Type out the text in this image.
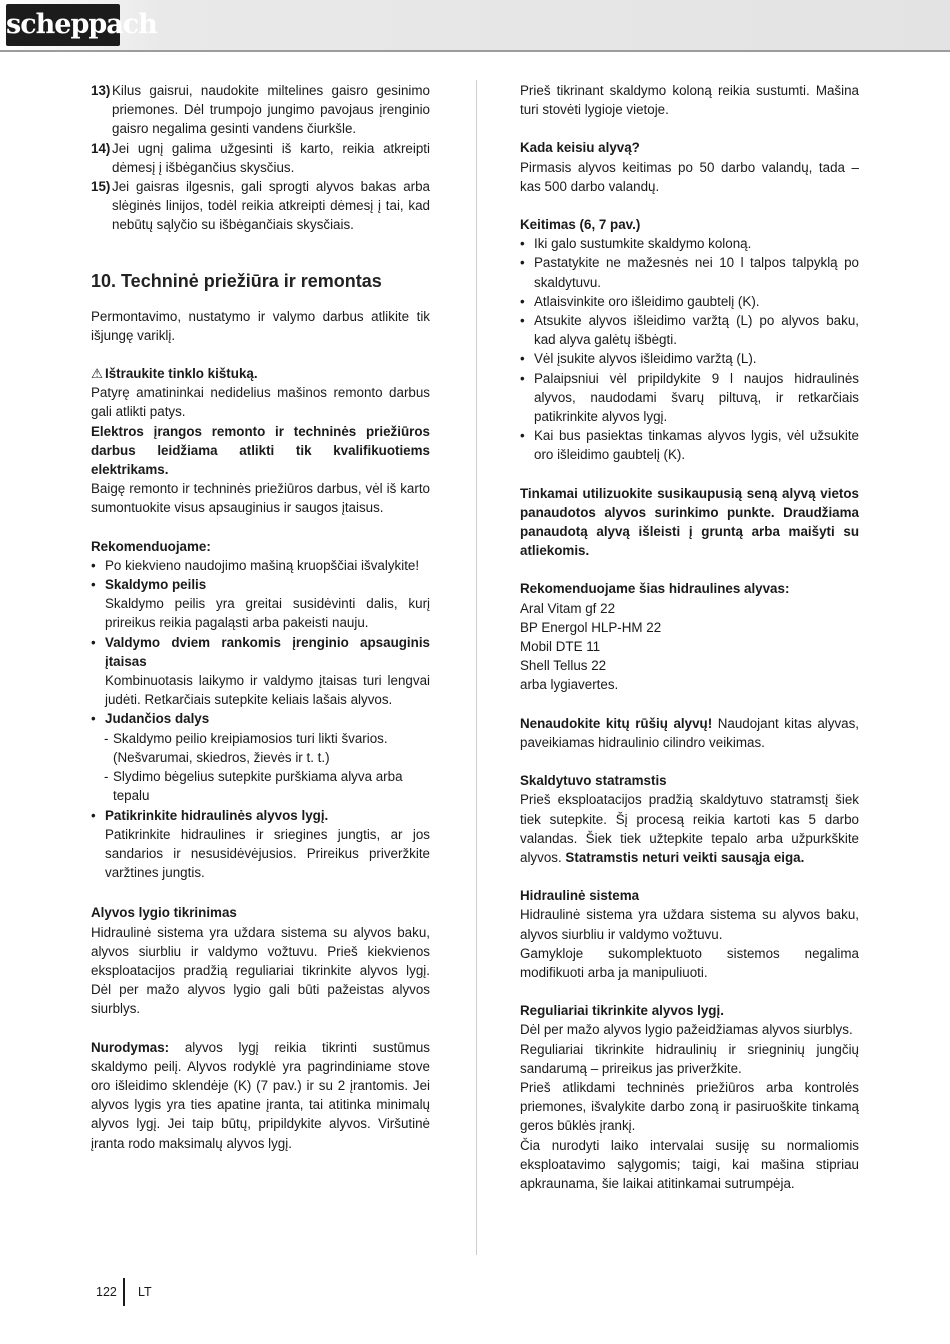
scheppach
13) Kilus gaisrui, naudokite miltelines gaisro gesinimo priemones. Dėl trumpojo jungimo pavojaus įrenginio gaisro negalima gesinti vandens čiurkšle.
14) Jei ugnį galima užgesinti iš karto, reikia atkreipti dėmesį į išbėgančius skysčius.
15) Jei gaisras ilgesnis, gali sprogti alyvos bakas arba slėginės linijos, todėl reikia atkreipti dėmesį į tai, kad nebūtų sąlyčio su išbėgančiais skysčiais.
10. Techninė priežiūra ir remontas

Permontavimo, nustatymo ir valymo darbus atlikite tik išjungę variklį.

⚠ Ištraukite tinklo kištuką.

Patyrę amatininkai nedidelius mašinos remonto darbus gali atlikti patys.

Elektros įrangos remonto ir techninės priežiūros darbus leidžiama atlikti tik kvalifikuotiems elektrikams.

Baigę remonto ir techninės priežiūros darbus, vėl iš karto sumontuokite visus apsauginius ir saugos įtaisus.

Rekomenduojame:

• Po kiekvieno naudojimo mašiną kruopščiai išvalykite!
• Skaldymo peilis
Skaldymo peilis yra greitai susidėvinti dalis, kurį prireikus reikia pagaląsti arba pakeisti nauju.
• Valdymo dviem rankomis įrenginio apsauginis įtaisas
Kombinuotasis laikymo ir valdymo įtaisas turi lengvai judėti. Retkarčiais sutepkite keliais lašais alyvos.
• Judančios dalys
- Skaldymo peilio kreipiamosios turi likti švarios. (Nešvarumai, skiedros, žievės ir t. t.)
- Slydimo bėgelius sutepkite purškiama alyva arba tepalu
• Patikrinkite hidraulinės alyvos lygį.
Patikrinkite hidraulines ir sriegines jungtis, ar jos sandarios ir nesusidėvėjusios. Prireikus priveržkite varžtines jungtis.

Alyvos lygio tikrinimas

Hidraulinė sistema yra uždara sistema su alyvos baku, alyvos siurbliu ir valdymo vožtuvu. Prieš kiekvienos eksploatacijos pradžią reguliariai tikrinkite alyvos lygį. Dėl per mažo alyvos lygio gali būti pažeistas alyvos siurblys.

Nurodymas: alyvos lygį reikia tikrinti sustūmus skaldymo peilį. Alyvos rodyklė yra pagrindiniame stove oro išleidimo sklendėje (K) (7 pav.) ir su 2 įrantomis. Jei alyvos lygis yra ties apatine įranta, tai atitinka minimalų alyvos lygį. Jei taip būtų, pripildykite alyvos. Viršutinė įranta rodo maksimalų alyvos lygį.

Prieš tikrinant skaldymo koloną reikia sustumti. Mašina turi stovėti lygioje vietoje.

Kada keisiu alyvą?

Pirmasis alyvos keitimas po 50 darbo valandų, tada – kas 500 darbo valandų.

Keitimas (6, 7 pav.)

• Iki galo sustumkite skaldymo koloną.
• Pastatykite ne mažesnės nei 10 l talpos talpyklą po skaldytuvu.
• Atlaisvinkite oro išleidimo gaubtelį (K).
• Atsukite alyvos išleidimo varžtą (L) po alyvos baku, kad alyva galėtų išbėgti.
• Vėl įsukite alyvos išleidimo varžtą (L).
• Palaipsniui vėl pripildykite 9 l naujos hidraulinės alyvos, naudodami švarų piltuvą, ir retkarčiais patikrinkite alyvos lygį.
• Kai bus pasiektas tinkamas alyvos lygis, vėl užsukite oro išleidimo gaubtelį (K).

Tinkamai utilizuokite susikaupusią seną alyvą vietos panaudotos alyvos surinkimo punkte. Draudžiama panaudotą alyvą išleisti į gruntą arba maišyti su atliekomis.

Rekomenduojame šias hidraulines alyvas:

Aral Vitam gf 22

BP Energol HLP-HM 22

Mobil DTE 11

Shell Tellus 22

arba lygiavertes.

Nenaudokite kitų rūšių alyvų! Naudojant kitas alyvas, paveikiamas hidraulinio cilindro veikimas.

Skaldytuvo statramstis

Prieš eksploatacijos pradžią skaldytuvo statramstį šiek tiek sutepkite. Šį procesą reikia kartoti kas 5 darbo valandas. Šiek tiek užtepkite tepalo arba užpurkškite alyvos. Statramstis neturi veikti sausąja eiga.

Hidraulinė sistema

Hidraulinė sistema yra uždara sistema su alyvos baku, alyvos siurbliu ir valdymo vožtuvu.

Gamykloje sukomplektuoto sistemos negalima modifikuoti arba ja manipuliuoti.

Reguliariai tikrinkite alyvos lygį.

Dėl per mažo alyvos lygio pažeidžiamas alyvos siurblys.

Reguliariai tikrinkite hidraulinių ir sriegninių jungčių sandarumą – prireikus jas priveržkite.

Prieš atlikdami techninės priežiūros arba kontrolės priemones, išvalykite darbo zoną ir pasiruoškite tinkamą geros būklės įrankį.

Čia nurodyti laiko intervalai susiję su normaliomis eksploatavimo sąlygomis; taigi, kai mašina stipriau apkraunama, šie laikai atitinkamai sutrumpėja.

122 LT
